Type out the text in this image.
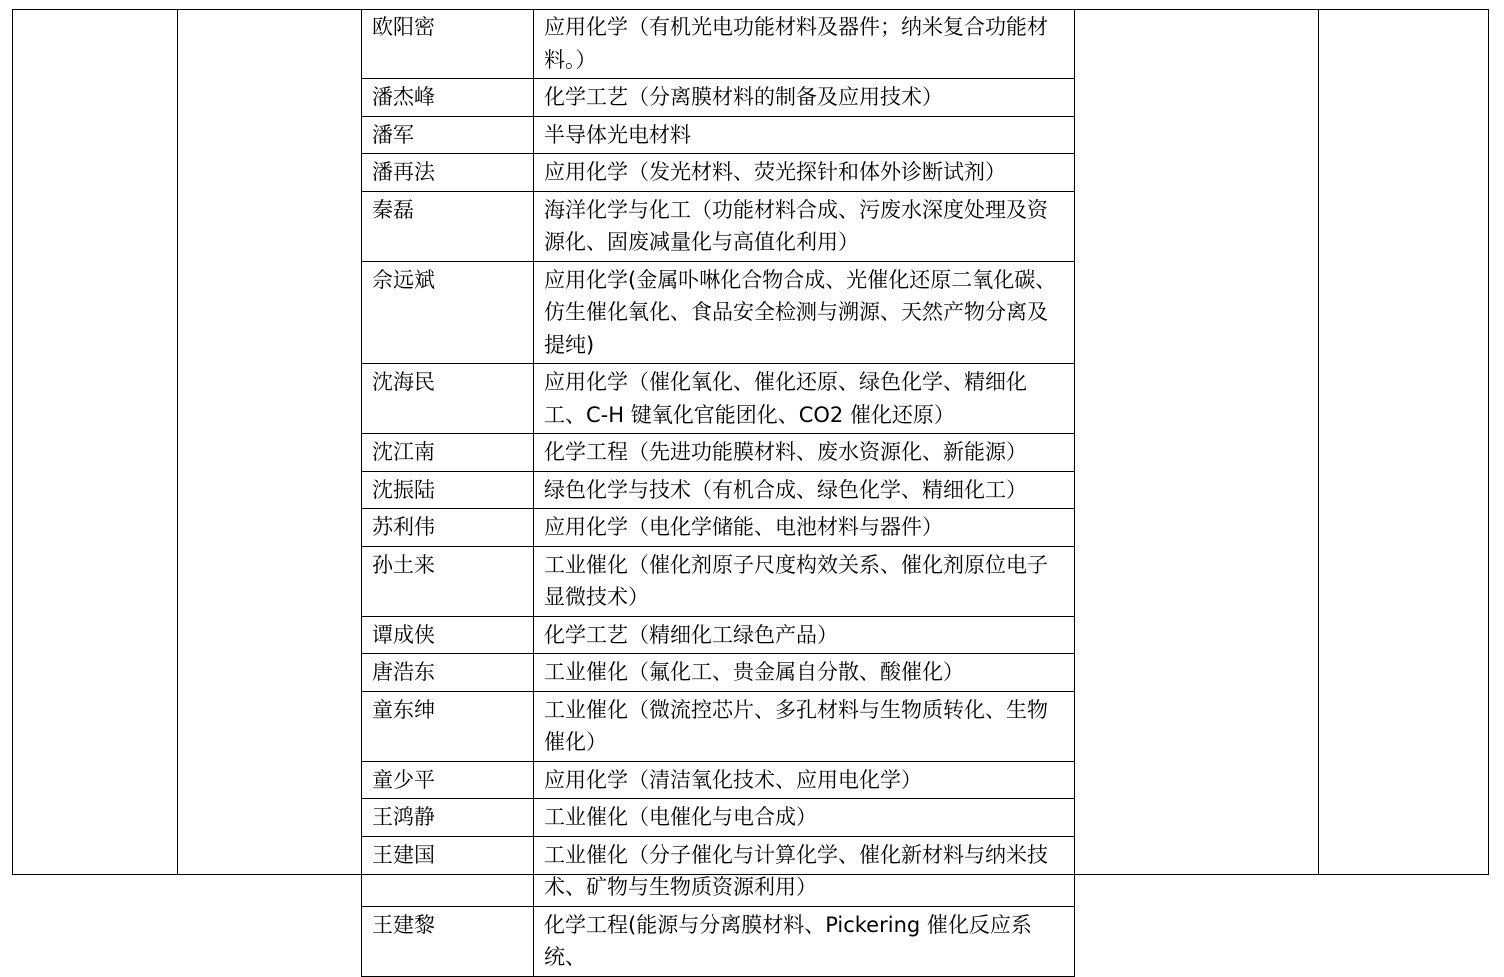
欧阳密	应用化学（有机光电功能材料及器件；纳米复合功能材料。）
潘杰峰	化学工艺（分离膜材料的制备及应用技术）
潘军	半导体光电材料
潘再法	应用化学（发光材料、荧光探针和体外诊断试剂）
秦磊	海洋化学与化工（功能材料合成、污废水深度处理及资源化、固废减量化与高值化利用）
佘远斌	应用化学(金属卟啉化合物合成、光催化还原二氧化碳、仿生催化氧化、食品安全检测与溯源、天然产物分离及提纯)
沈海民	应用化学（催化氧化、催化还原、绿色化学、精细化工、C-H 键氧化官能团化、CO2 催化还原）
沈江南	化学工程（先进功能膜材料、废水资源化、新能源）
沈振陆	绿色化学与技术（有机合成、绿色化学、精细化工）
苏利伟	应用化学（电化学储能、电池材料与器件）
孙土来	工业催化（催化剂原子尺度构效关系、催化剂原位电子显微技术）
谭成侠	化学工艺（精细化工绿色产品）
唐浩东	工业催化（氟化工、贵金属自分散、酸催化）
童东绅	工业催化（微流控芯片、多孔材料与生物质转化、生物催化）
童少平	应用化学（清洁氧化技术、应用电化学）
王鸿静	工业催化（电催化与电合成）
王建国	工业催化（分子催化与计算化学、催化新材料与纳米技术、矿物与生物质资源利用）
王建黎	化学工程(能源与分离膜材料、Pickering 催化反应系统、
